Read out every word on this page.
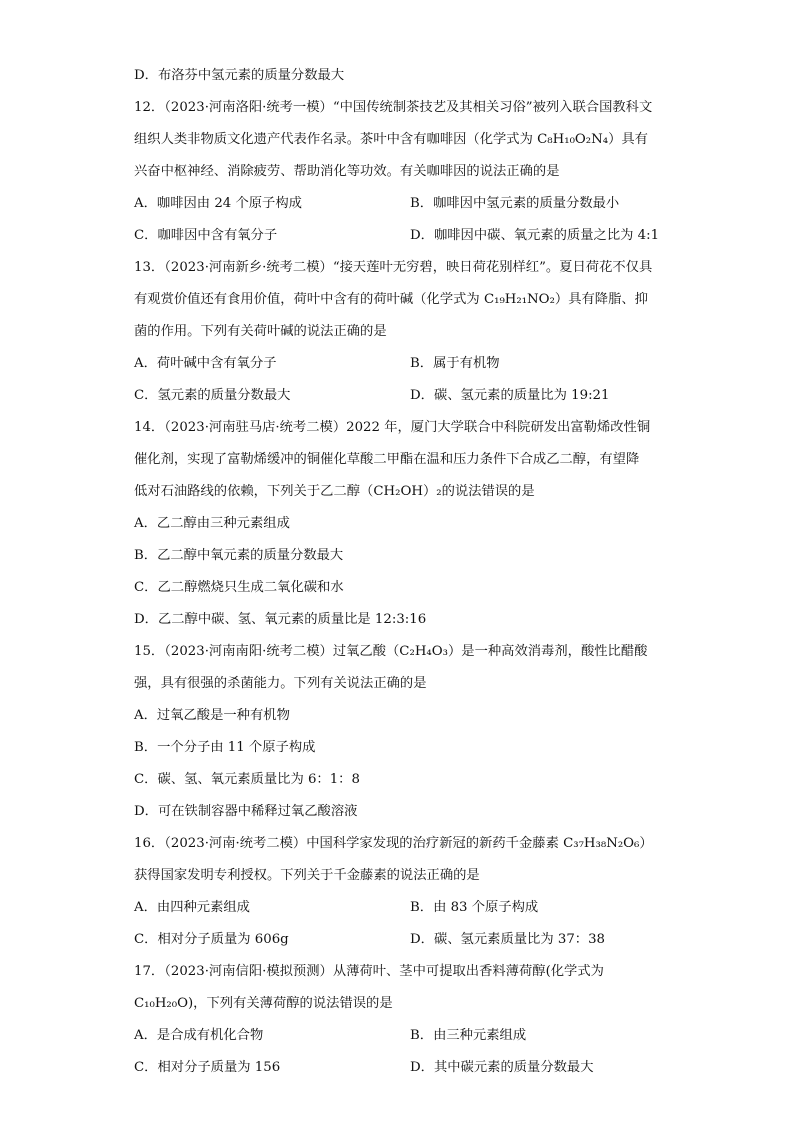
D．布洛芬中氢元素的质量分数最大
12．（2023·河南洛阳·统考一模）“中国传统制茶技艺及其相关习俗”被列入联合国教科文
组织人类非物质文化遗产代表作名录。茶叶中含有咖啡因（化学式为 C₈H₁₀O₂N₄）具有
兴奋中枢神经、消除疲劳、帮助消化等功效。有关咖啡因的说法正确的是
A．咖啡因由 24 个原子构成	B．咖啡因中氢元素的质量分数最小
C．咖啡因中含有氧分子	D．咖啡因中碳、氧元素的质量之比为 4:1
13．（2023·河南新乡·统考二模）“接天莲叶无穷碧，映日荷花别样红”。夏日荷花不仅具
有观赏价值还有食用价值，荷叶中含有的荷叶碱（化学式为 C₁₉H₂₁NO₂）具有降脂、抑
菌的作用。下列有关荷叶碱的说法正确的是
A．荷叶碱中含有氧分子	B．属于有机物
C．氢元素的质量分数最大	D．碳、氢元素的质量比为 19:21
14．（2023·河南驻马店·统考二模）2022 年，厦门大学联合中科院研发出富勒烯改性铜
催化剂，实现了富勒烯缓冲的铜催化草酸二甲酯在温和压力条件下合成乙二醇，有望降
低对石油路线的依赖，下列关于乙二醇（CH₂OH）₂的说法错误的是
A．乙二醇由三种元素组成
B．乙二醇中氧元素的质量分数最大
C．乙二醇燃烧只生成二氧化碳和水
D．乙二醇中碳、氢、氧元素的质量比是 12:3:16
15．（2023·河南南阳·统考二模）过氧乙酸（C₂H₄O₃）是一种高效消毒剂，酸性比醋酸
强，具有很强的杀菌能力。下列有关说法正确的是
A．过氧乙酸是一种有机物
B．一个分子由 11 个原子构成
C．碳、氢、氧元素质量比为 6：1：8
D．可在铁制容器中稀释过氧乙酸溶液
16．（2023·河南·统考二模）中国科学家发现的治疗新冠的新药千金藤素 C₃₇H₃₈N₂O₆）
获得国家发明专利授权。下列关于千金藤素的说法正确的是
A．由四种元素组成	B．由 83 个原子构成
C．相对分子质量为 606g	D．碳、氢元素质量比为 37：38
17．（2023·河南信阳·模拟预测）从薄荷叶、茎中可提取出香料薄荷醇(化学式为
C₁₀H₂₀O)，下列有关薄荷醇的说法错误的是
A．是合成有机化合物	B．由三种元素组成
C．相对分子质量为 156	D．其中碳元素的质量分数最大
